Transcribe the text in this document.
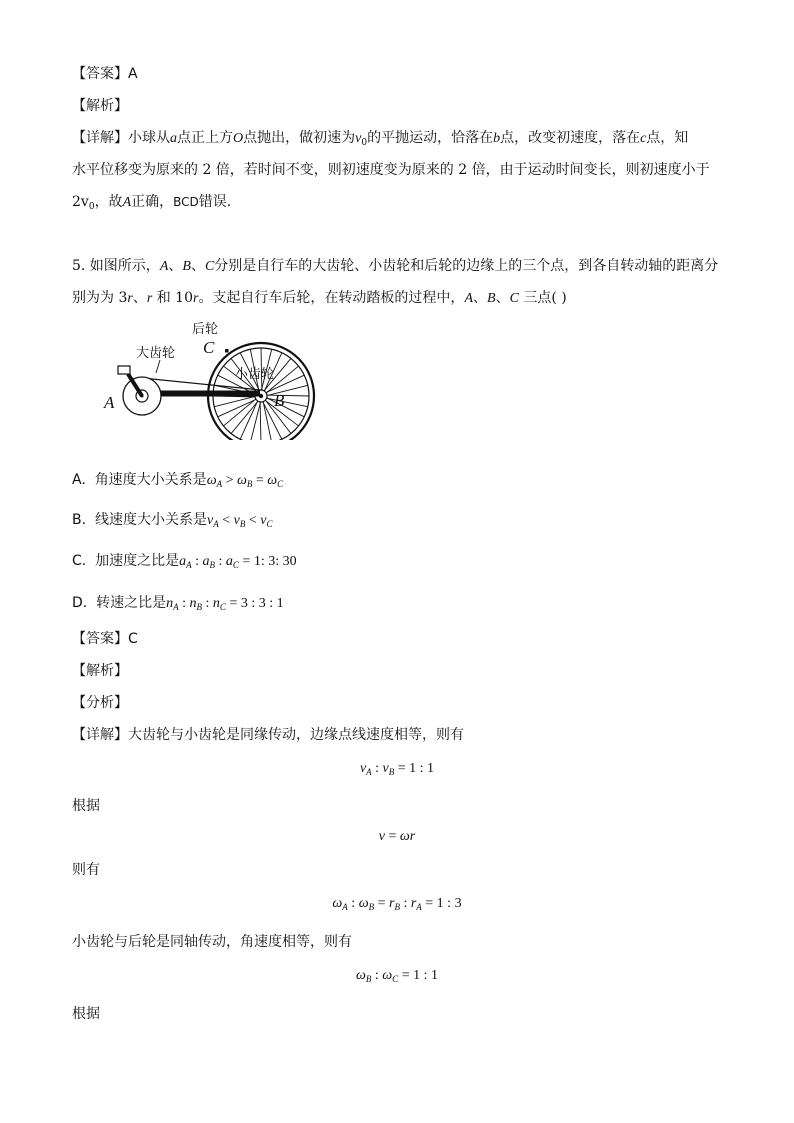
【答案】A
【解析】
【详解】小球从a点正上方O点抛出，做初速为$v_0$的平抛运动，恰落在b点，改变初速度，落在c点，知
水平位移变为原来的 2 倍，若时间不变，则初速度变为原来的 2 倍，由于运动时间变长，则初速度小于
$2v_0$，故A正确，BCD错误.
5. 如图所示，A、B、C分别是自行车的大齿轮、小齿轮和后轮的边缘上的三个点，到各自转动轴的距离分
别为为 3r、r 和 10r。支起自行车后轮，在转动踏板的过程中，A、B、C 三点( )
后轮
C
大齿轮
小齿轮
A	B
A. 角速度大小关系是$\omega_A > \omega_B = \omega_C$
B. 线速度大小关系是$v_A < v_B < v_C$
C. 加速度之比是$a_A$ : $a_B$ : $a_C = 1$: 3: 30
D. 转速之比是$n_A$ : $n_B$ : $n_C = 3$ : 3 : 1
【答案】C
【解析】
【分析】
【详解】大齿轮与小齿轮是同缘传动，边缘点线速度相等，则有
$v_A$ : $v_B = 1$ : 1
根据
v = ωr
则有
$\omega_A$ : $\omega_B = r_B$ : $r_A = 1$ : 3
小齿轮与后轮是同轴传动，角速度相等，则有
$\omega_B$ : $\omega_C = 1$ : 1
根据
